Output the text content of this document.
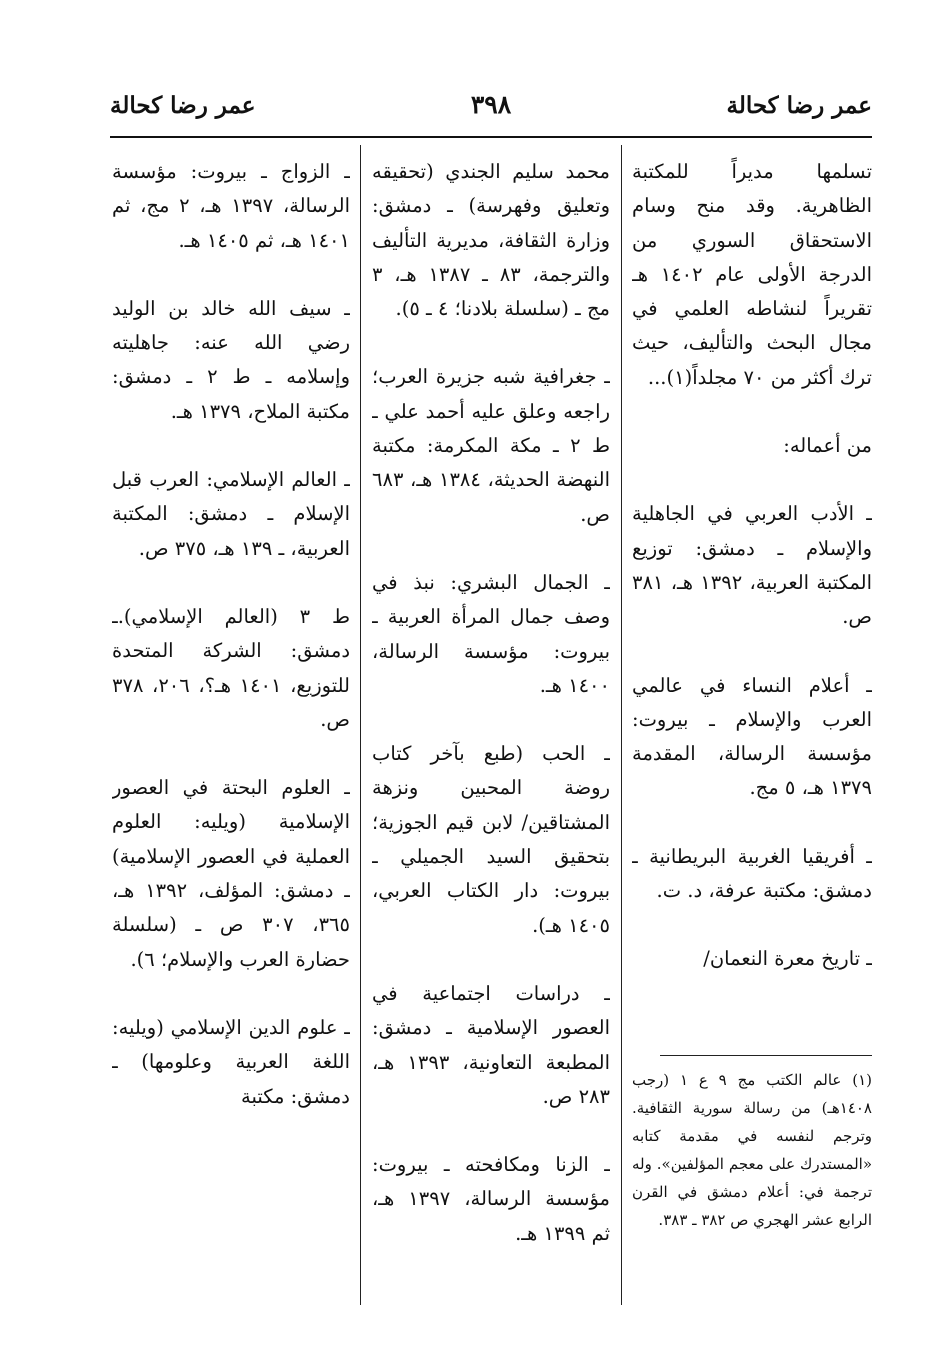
عمر رضا كحالة
٣٩٨
عمر رضا كحالة

تسلمها مديراً للمكتبة الظاهرية. وقد منح وسام الاستحقاق السوري من الدرجة الأولى عام ١٤٠٢ هـ تقريراً لنشاطه العلمي في مجال البحث والتأليف، حيث ترك أكثر من ٧٠ مجلداً(١)...

من أعماله:

ـ الأدب العربي في الجاهلية والإسلام ـ دمشق: توزيع المكتبة العربية، ١٣٩٢ هـ، ٣٨١ ص.

ـ أعلام النساء في عالمي العرب والإسلام ـ بيروت: مؤسسة الرسالة، المقدمة ١٣٧٩ هـ، ٥ مج.

ـ أفريقيا الغربية البريطانية ـ دمشق: مكتبة عرفة، د. ت.

ـ تاريخ معرة النعمان/

محمد سليم الجندي (تحقيقه وتعليق وفهرسة) ـ دمشق: وزارة الثقافة، مديرية التأليف والترجمة، ٨٣ ـ ١٣٨٧ هـ، ٣ مج ـ (سلسلة بلادنا؛ ٤ ـ ٥).

ـ جغرافية شبه جزيرة العرب؛ راجعه وعلق عليه أحمد علي ـ ط ٢ ـ مكة المكرمة: مكتبة النهضة الحديثة، ١٣٨٤ هـ، ٦٨٣ ص.

ـ الجمال البشري: نبذ في وصف جمال المرأة العربية ـ بيروت: مؤسسة الرسالة، ١٤٠٠ هـ.

ـ الحب (طبع بآخر كتاب روضة المحبين ونزهة المشتاقين/ لابن قيم الجوزية؛ بتحقيق السيد الجميلي ـ بيروت: دار الكتاب العربي، ١٤٠٥ هـ).

ـ دراسات اجتماعية في العصور الإسلامية ـ دمشق: المطبعة التعاونية، ١٣٩٣ هـ، ٢٨٣ ص.

ـ الزنا ومكافحته ـ بيروت: مؤسسة الرسالة، ١٣٩٧ هـ، ثم ١٣٩٩ هـ.

ـ الزواج ـ بيروت: مؤسسة الرسالة، ١٣٩٧ هـ، ٢ مج، ثم ١٤٠١ هـ، ثم ١٤٠٥ هـ.

ـ سيف الله خالد بن الوليد رضي الله عنه: جاهليته وإسلامه ـ ط ٢ ـ دمشق: مكتبة الملاح، ١٣٧٩ هـ.

ـ العالم الإسلامي: العرب قبل الإسلام ـ دمشق: المكتبة العربية، ـ ١٣٩ هـ، ٣٧٥ ص.

ط ٣ (العالم الإسلامي).ـ دمشق: الشركة المتحدة للتوزيع، ١٤٠١ هـ؟، ٢٠٦، ٣٧٨ ص.

ـ العلوم البحتة في العصور الإسلامية (ويليه: العلوم العملية في العصور الإسلامية) ـ دمشق: المؤلف، ١٣٩٢ هـ، ٣٦٥، ٣٠٧ ص ـ (سلسلة حضارة العرب والإسلام؛ ٦).

ـ علوم الدين الإسلامي (ويليه: اللغة العربية وعلومها) ـ دمشق: مكتبة

(١) عالم الكتب مج ٩ ع ١ (رجب ١٤٠٨هـ) من رسالة سورية الثقافية. وترجم لنفسه في مقدمة كتابه «المستدرك على معجم المؤلفين». وله ترجمة في: أعلام دمشق في القرن الرابع عشر الهجري ص ٣٨٢ ـ ٣٨٣.
